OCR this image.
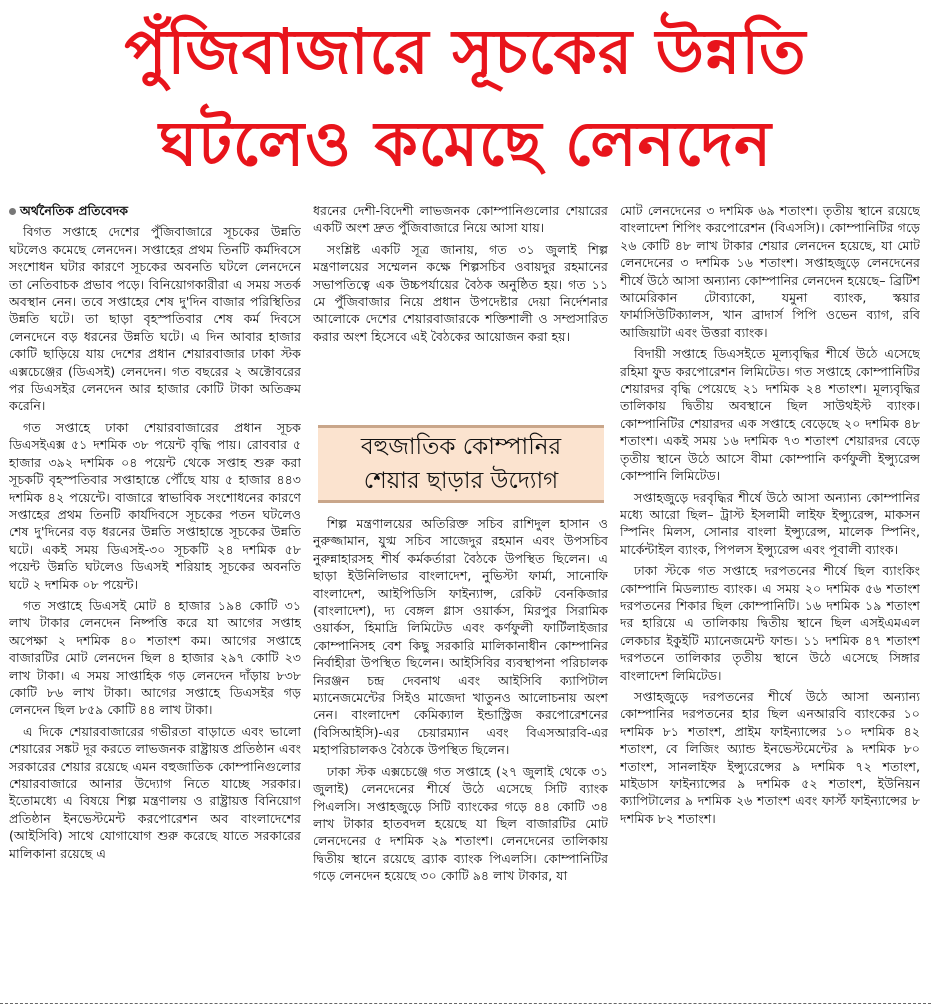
পুঁজিবাজারে সূচকের উন্নতি
ঘটলেও কমেছে লেনদেন

অর্থনৈতিক প্রতিবেদক

বিগত সপ্তাহে দেশের পুঁজিবাজারে সূচকের উন্নতি ঘটলেও কমেছে লেনদেন। সপ্তাহের প্রথম তিনটি কর্মদিবসে সংশোধন ঘটার কারণে সূচকের অবনতি ঘটলে লেনদেনে তা নেতিবাচক প্রভাব পড়ে। বিনিয়োগকারীরা এ সময় সতর্ক অবস্থান নেন। তবে সপ্তাহের শেষ দু'দিন বাজার পরিস্থিতির উন্নতি ঘটে। তা ছাড়া বৃহস্পতিবার শেষ কর্ম দিবসে লেনদেনে বড় ধরনের উন্নতি ঘটে। এ দিন আবার হাজার কোটি ছাড়িয়ে যায় দেশের প্রধান শেয়ারবাজার ঢাকা স্টক এক্সচেঞ্জের (ডিএসই) লেনদেন। গত বছরের ২ অক্টোবরের পর ডিএসইর লেনদেন আর হাজার কোটি টাকা অতিক্রম করেনি।

গত সপ্তাহে ঢাকা শেয়ারবাজারের প্রধান সূচক ডিএসইএক্স ৫১ দশমিক ৩৮ পয়েন্ট বৃদ্ধি পায়। রোববার ৫ হাজার ৩৯২ দশমিক ০৪ পয়েন্ট থেকে সপ্তাহ শুরু করা সূচকটি বৃহস্পতিবার সপ্তাহান্তে পৌঁছে যায় ৫ হাজার ৪৪৩ দশমিক ৪২ পয়েন্টে। বাজারে স্বাভাবিক সংশোধনের কারণে সপ্তাহের প্রথম তিনটি কার্যদিবসে সূচকের পতন ঘটলেও শেষ দু'দিনের বড় ধরনের উন্নতি সপ্তাহান্তে সূচকের উন্নতি ঘটে। একই সময় ডিএসই-৩০ সূচকটি ২৪ দশমিক ৫৮ পয়েন্ট উন্নতি ঘটলেও ডিএসই শরিয়াহ সূচকের অবনতি ঘটে ২ দশমিক ০৮ পয়েন্ট।

গত সপ্তাহে ডিএসই মোট ৪ হাজার ১৯৪ কোটি ৩১ লাখ টাকার লেনদেন নিষ্পত্তি করে যা আগের সপ্তাহ অপেক্ষা ২ দশমিক ৪০ শতাংশ কম। আগের সপ্তাহে বাজারটির মোট লেনদেন ছিল ৪ হাজার ২৯৭ কোটি ২৩ লাখ টাকা। এ সময় সাপ্তাহিক গড় লেনদেন দাঁড়ায় ৮৩৮ কোটি ৮৬ লাখ টাকা। আগের সপ্তাহে ডিএসইর গড় লেনদেন ছিল ৮৫৯ কোটি ৪৪ লাখ টাকা।

এ দিকে শেয়ারবাজারের গভীরতা বাড়াতে এবং ভালো শেয়ারের সঙ্কট দূর করতে লাভজনক রাষ্ট্রায়ত্ত প্রতিষ্ঠান এবং সরকারের শেয়ার রয়েছে এমন বহুজাতিক কোম্পানিগুলোর শেয়ারবাজারে আনার উদ্যোগ নিতে যাচ্ছে সরকার। ইতোমধ্যে এ বিষয়ে শিল্প মন্ত্রণালয় ও রাষ্ট্রায়ত্ত বিনিয়োগ প্রতিষ্ঠান ইনভেস্টমেন্ট করপোরেশন অব বাংলাদেশের (আইসিবি) সাথে যোগাযোগ শুরু করেছে যাতে সরকারের মালিকানা রয়েছে এ

ধরনের দেশী-বিদেশী লাভজনক কোম্পানিগুলোর শেয়ারের একটি অংশ দ্রুত পুঁজিবাজারে নিয়ে আসা যায়।

সংশ্লিষ্ট একটি সূত্র জানায়, গত ৩১ জুলাই শিল্প মন্ত্রণালয়ের সম্মেলন কক্ষে শিল্পসচিব ওবায়দুর রহমানের সভাপতিত্বে এক উচ্চপর্যায়ের বৈঠক অনুষ্ঠিত হয়। গত ১১ মে পুঁজিবাজার নিয়ে প্রধান উপদেষ্টার দেয়া নির্দেশনার আলোকে দেশের শেয়ারবাজারকে শক্তিশালী ও সম্প্রসারিত করার অংশ হিসেবে এই বৈঠকের আয়োজন করা হয়।

বহুজাতিক কোম্পানির
শেয়ার ছাড়ার উদ্যোগ

শিল্প মন্ত্রণালয়ের অতিরিক্ত সচিব রাশিদুল হাসান ও নুরুজ্জামান, যুগ্ম সচিব সাজেদুর রহমান এবং উপসচিব নুরুন্নাহারসহ শীর্ষ কর্মকর্তারা বৈঠকে উপস্থিত ছিলেন। এ ছাড়া ইউনিলিভার বাংলাদেশ, নুভিস্টা ফার্মা, সানোফি বাংলাদেশ, আইপিডিসি ফাইন্যান্স, রেকিট বেনকিজার (বাংলাদেশ), দ্য বেঙ্গল গ্লাস ওয়ার্কস, মিরপুর সিরামিক ওয়ার্কস, হিমাদ্রি লিমিটেড এবং কর্ণফুলী ফার্টিলাইজার কোম্পানিসহ বেশ কিছু সরকারি মালিকানাধীন কোম্পানির নির্বাহীরা উপস্থিত ছিলেন। আইসিবির ব্যবস্থাপনা পরিচালক নিরঞ্জন চন্দ্র দেবনাথ এবং আইসিবি ক্যাপিটাল ম্যানেজমেন্টের সিইও মাজেদা খাতুনও আলোচনায় অংশ নেন। বাংলাদেশ কেমিক্যাল ইন্ডাস্ট্রিজ করপোরেশনের (বিসিআইসি)-এর চেয়ারম্যান এবং বিএসআরবি-এর মহাপরিচালকও বৈঠকে উপস্থিত ছিলেন।

ঢাকা স্টক এক্সচেঞ্জে গত সপ্তাহে (২৭ জুলাই থেকে ৩১ জুলাই) লেনদেনের শীর্ষে উঠে এসেছে সিটি ব্যাংক পিএলসি। সপ্তাহজুড়ে সিটি ব্যাংকের গড়ে ৪৪ কোটি ৩৪ লাখ টাকার হাতবদল হয়েছে যা ছিল বাজারটির মোট লেনদেনের ৫ দশমিক ২৯ শতাংশ। লেনদেনের তালিকায় দ্বিতীয় স্থানে রয়েছে ব্র্যাক ব্যাংক পিএলসি। কোম্পানিটির গড়ে লেনদেন হয়েছে ৩০ কোটি ৯৪ লাখ টাকার, যা

মোট লেনদেনের ৩ দশমিক ৬৯ শতাংশ। তৃতীয় স্থানে রয়েছে বাংলাদেশ শিপিং করপোরেশন (বিএসসি)। কোম্পানিটির গড়ে ২৬ কোটি ৪৮ লাখ টাকার শেয়ার লেনদেন হয়েছে, যা মোট লেনদেনের ৩ দশমিক ১৬ শতাংশ। সপ্তাহজুড়ে লেনদেনের শীর্ষে উঠে আসা অন্যান্য কোম্পানির লেনদেন হয়েছে– ব্রিটিশ আমেরিকান টোব্যাকো, যমুনা ব্যাংক, স্কয়ার ফার্মাসিউটিক্যালস, খান ব্রাদার্স পিপি ওভেন ব্যাগ, রবি আজিয়াটা এবং উত্তরা ব্যাংক।

বিদায়ী সপ্তাহে ডিএসইতে মূল্যবৃদ্ধির শীর্ষে উঠে এসেছে রহিমা ফুড করপোরেশন লিমিটেড। গত সপ্তাহে কোম্পানিটির শেয়ারদর বৃদ্ধি পেয়েছে ২১ দশমিক ২৪ শতাংশ। মূল্যবৃদ্ধির তালিকায় দ্বিতীয় অবস্থানে ছিল সাউথইস্ট ব্যাংক। কোম্পানিটির শেয়ারদর এক সপ্তাহে বেড়েছে ২০ দশমিক ৪৮ শতাংশ। একই সময় ১৬ দশমিক ৭৩ শতাংশ শেয়ারদর বেড়ে তৃতীয় স্থানে উঠে আসে বীমা কোম্পানি কর্ণফুলী ইন্স্যুরেন্স কোম্পানি লিমিটেড।

সপ্তাহজুড়ে দরবৃদ্ধির শীর্ষে উঠে আসা অন্যান্য কোম্পানির মধ্যে আরো ছিল– ট্রাস্ট ইসলামী লাইফ ইন্স্যুরেন্স, মাকসন স্পিনিং মিলস, সোনার বাংলা ইন্স্যুরেন্স, মালেক স্পিনিং, মার্কেন্টাইল ব্যাংক, পিপলস ইন্স্যুরেন্স এবং পূবালী ব্যাংক।

ঢাকা স্টকে গত সপ্তাহে দরপতনের শীর্ষে ছিল ব্যাংকিং কোম্পানি মিডল্যান্ড ব্যাংক। এ সময় ২০ দশমিক ৫৬ শতাংশ দরপতনের শিকার ছিল কোম্পানিটি। ১৬ দশমিক ১৯ শতাংশ দর হারিয়ে এ তালিকায় দ্বিতীয় স্থানে ছিল এসইএমএল লেকচার ইকুইটি ম্যানেজমেন্ট ফান্ড। ১১ দশমিক ৪৭ শতাংশ দরপতনে তালিকার তৃতীয় স্থানে উঠে এসেছে সিঙ্গার বাংলাদেশ লিমিটেড।

সপ্তাহজুড়ে দরপতনের শীর্ষে উঠে আসা অন্যান্য কোম্পানির দরপতনের হার ছিল এনআরবি ব্যাংকের ১০ দশমিক ৮১ শতাংশ, প্রাইম ফাইন্যান্সের ১০ দশমিক ৪২ শতাংশ, বে লিজিং অ্যান্ড ইনভেস্টমেন্টের ৯ দশমিক ৮০ শতাংশ, সানলাইফ ইন্স্যুরেন্সের ৯ দশমিক ৭২ শতাংশ, মাইডাস ফাইন্যান্সের ৯ দশমিক ৫২ শতাংশ, ইউনিয়ন ক্যাপিটালের ৯ দশমিক ২৬ শতাংশ এবং ফার্স্ট ফাইন্যান্সের ৮ দশমিক ৮২ শতাংশ।
